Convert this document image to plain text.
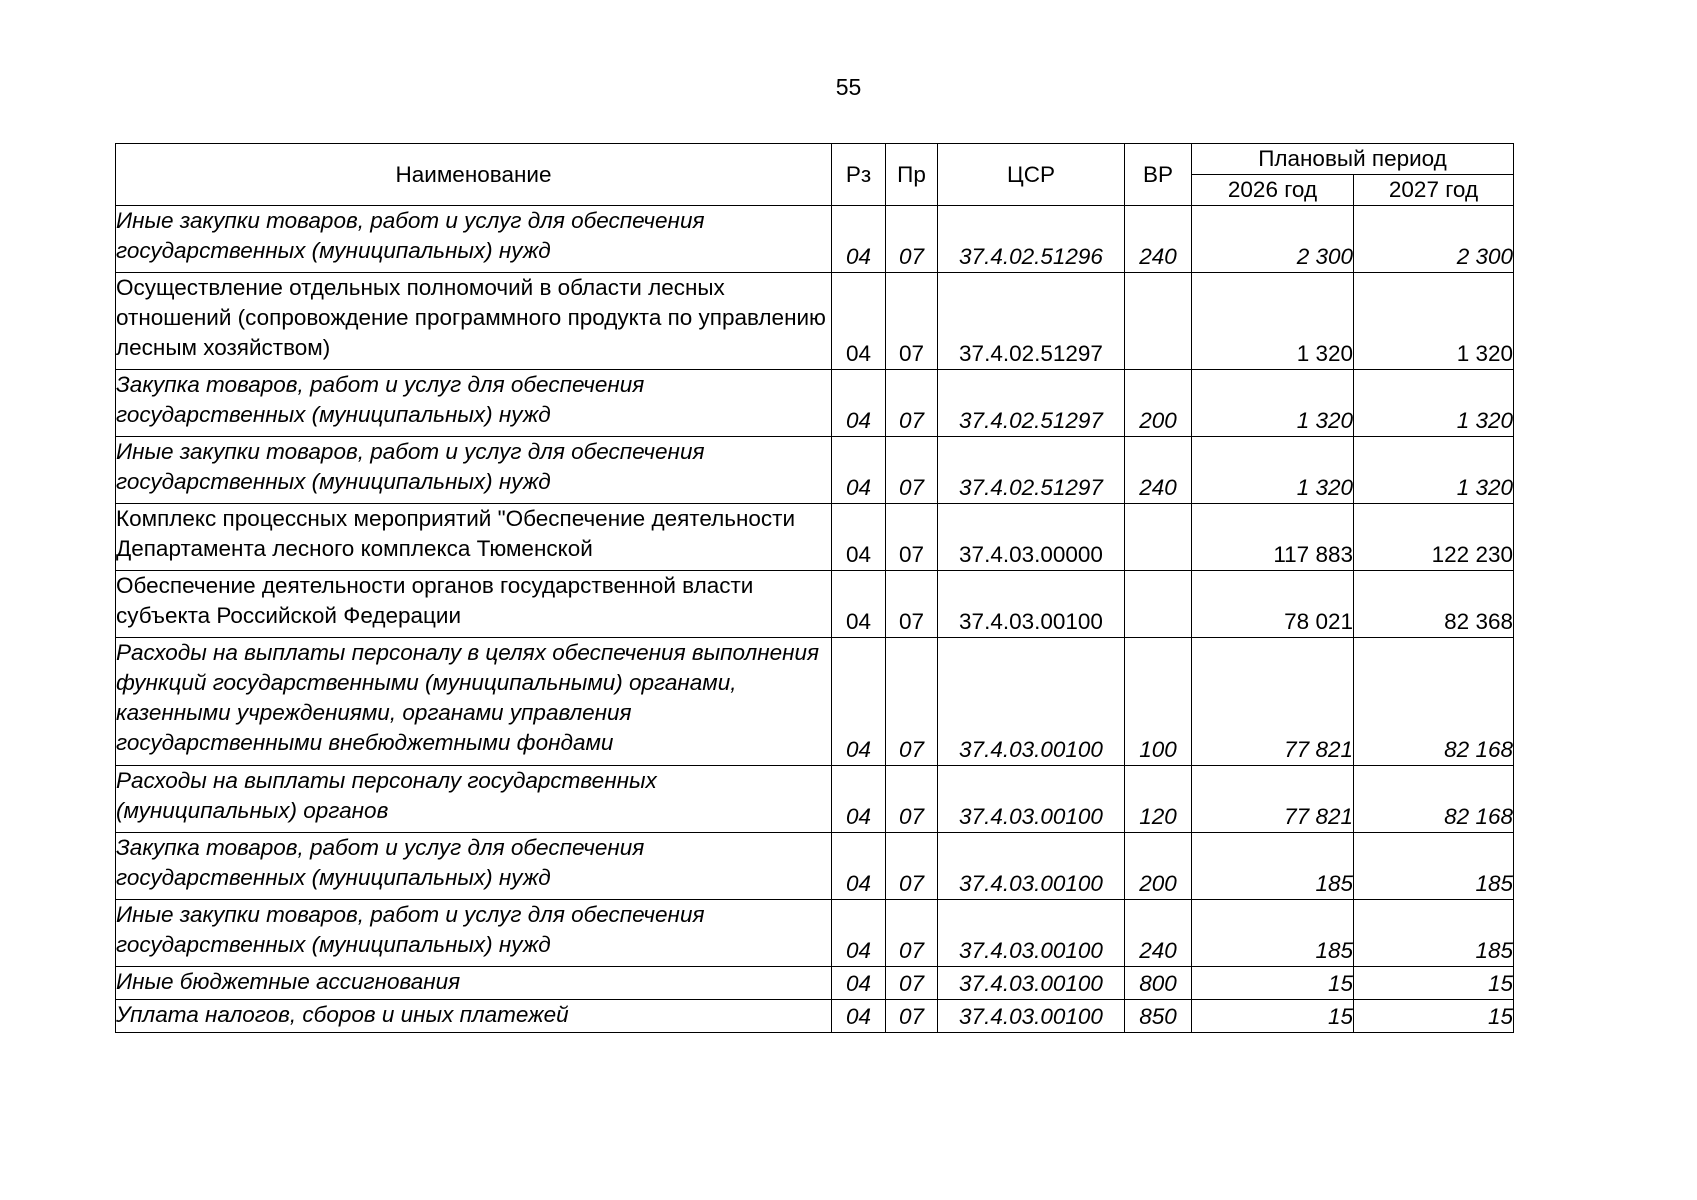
55
Наименование	Рз	Пр	ЦСР	ВР	Плановый период	
					2026 год	2027 год
Иные закупки товаров, работ и услуг для обеспечения государственных (муниципальных) нужд	04	07	37.4.02.51296	240	2 300	2 300
Осуществление отдельных полномочий в области лесных отношений (сопровождение программного продукта по управлению лесным хозяйством)	04	07	37.4.02.51297		1 320	1 320
Закупка товаров, работ и услуг для обеспечения государственных (муниципальных) нужд	04	07	37.4.02.51297	200	1 320	1 320
Иные закупки товаров, работ и услуг для обеспечения государственных (муниципальных) нужд	04	07	37.4.02.51297	240	1 320	1 320
Комплекс процессных мероприятий "Обеспечение деятельности Департамента лесного комплекса Тюменской	04	07	37.4.03.00000		117 883	122 230
Обеспечение деятельности органов государственной власти субъекта Российской Федерации	04	07	37.4.03.00100		78 021	82 368
Расходы на выплаты персоналу в целях обеспечения выполнения функций государственными (муниципальными) органами, казенными учреждениями, органами управления государственными внебюджетными фондами	04	07	37.4.03.00100	100	77 821	82 168
Расходы на выплаты персоналу государственных (муниципальных) органов	04	07	37.4.03.00100	120	77 821	82 168
Закупка товаров, работ и услуг для обеспечения государственных (муниципальных) нужд	04	07	37.4.03.00100	200	185	185
Иные закупки товаров, работ и услуг для обеспечения государственных (муниципальных) нужд	04	07	37.4.03.00100	240	185	185
Иные бюджетные ассигнования	04	07	37.4.03.00100	800	15	15
Уплата налогов, сборов и иных платежей	04	07	37.4.03.00100	850	15	15
